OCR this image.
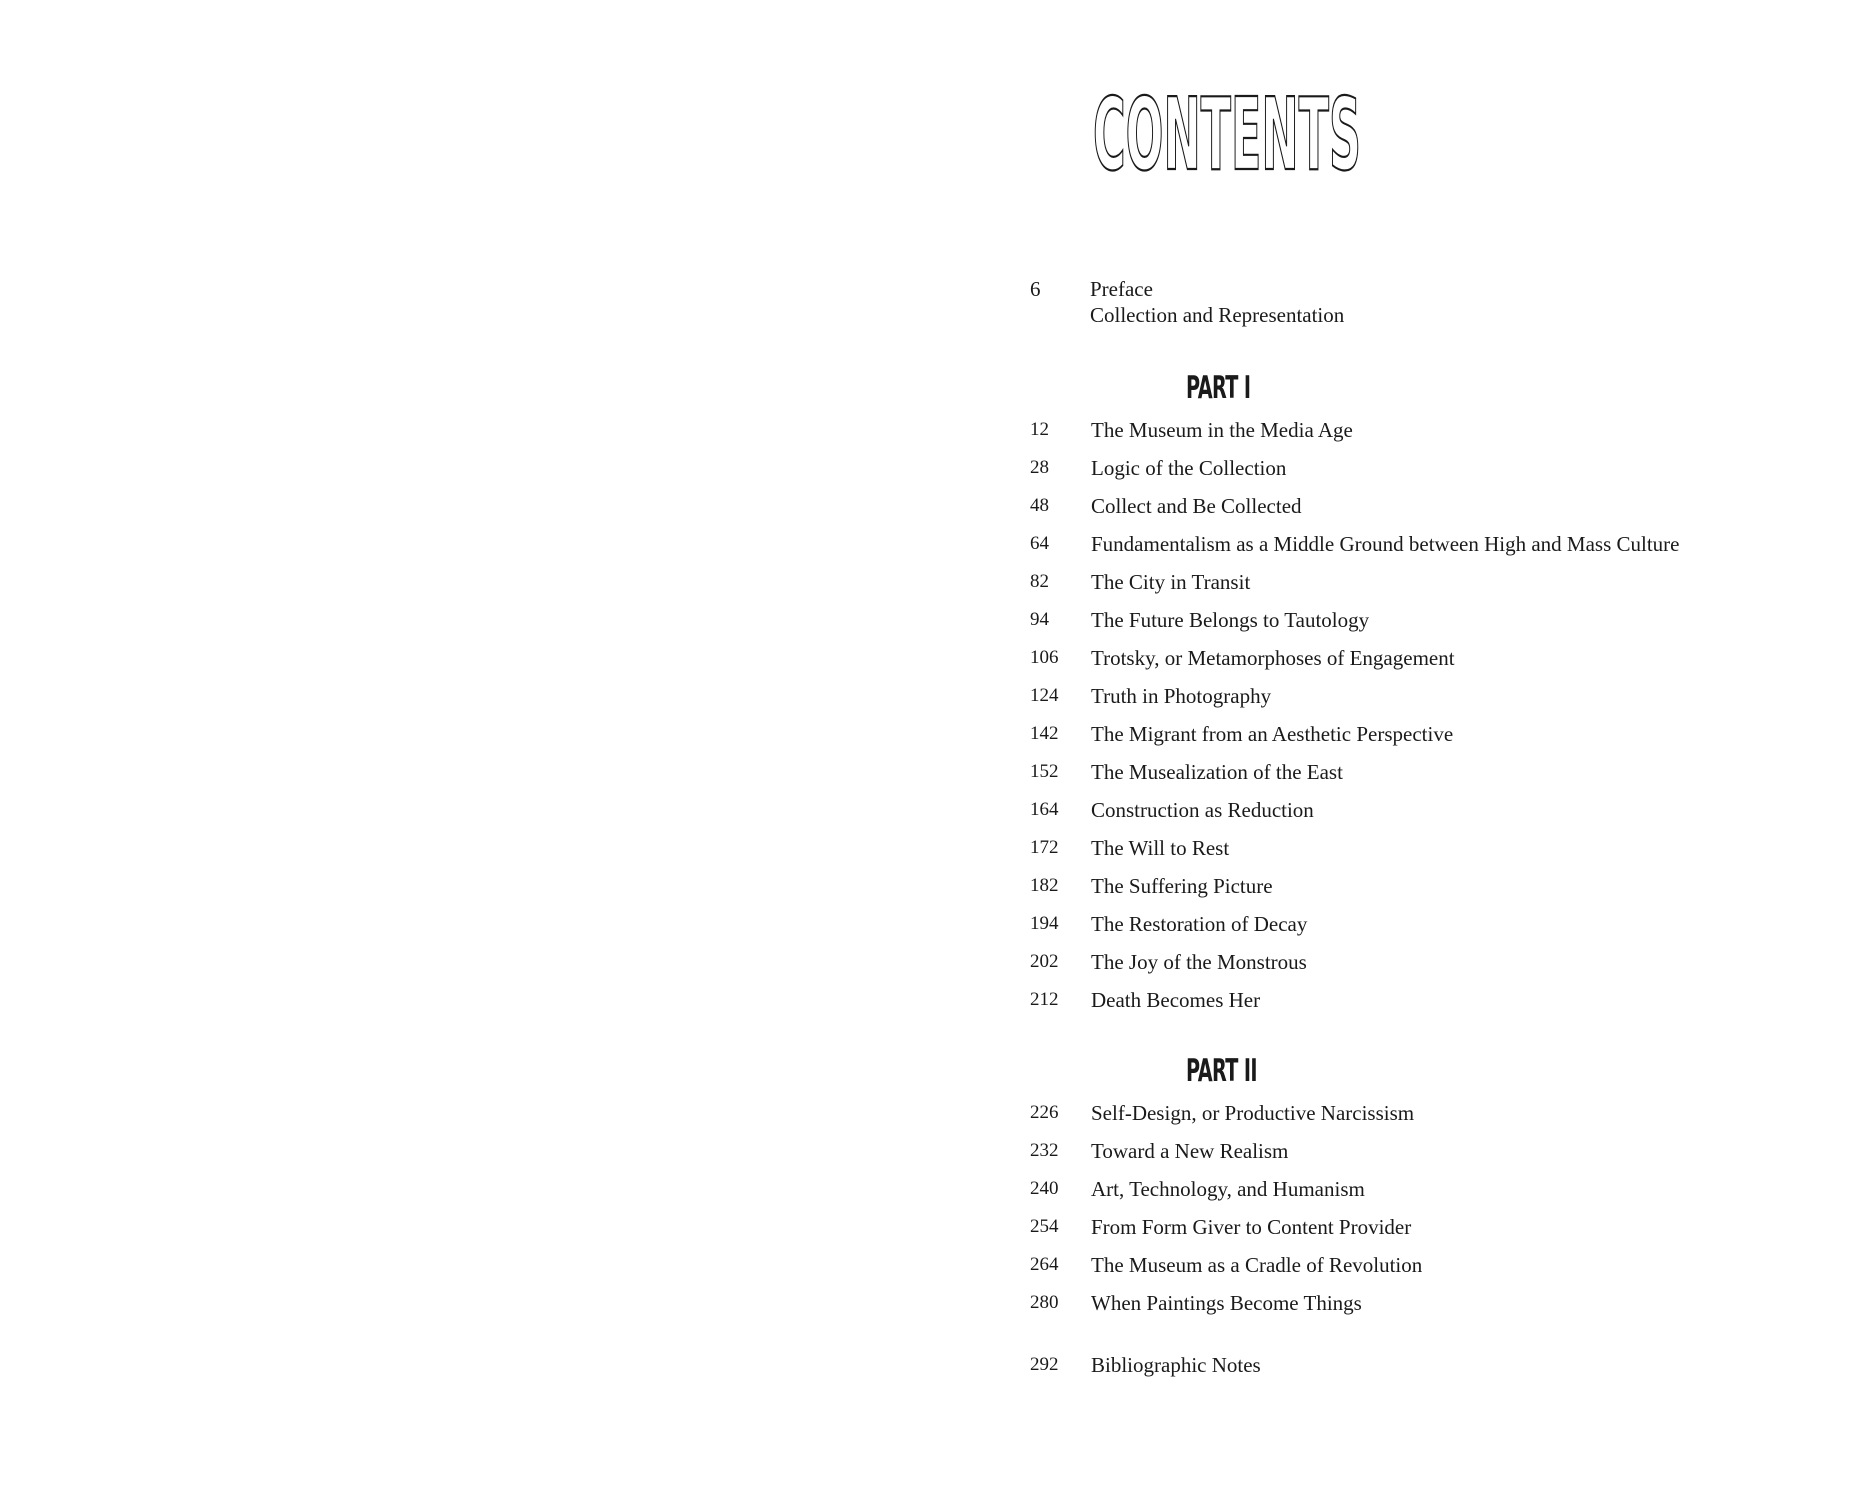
CONTENTS
6	Preface
Collection and Representation
PART I
12	The Museum in the Media Age
28	Logic of the Collection
48	Collect and Be Collected
64	Fundamentalism as a Middle Ground between High and Mass Culture
82	The City in Transit
94	The Future Belongs to Tautology
106	Trotsky, or Metamorphoses of Engagement
124	Truth in Photography
142	The Migrant from an Aesthetic Perspective
152	The Musealization of the East
164	Construction as Reduction
172	The Will to Rest
182	The Suffering Picture
194	The Restoration of Decay
202	The Joy of the Monstrous
212	Death Becomes Her
PART II
226	Self-Design, or Productive Narcissism
232	Toward a New Realism
240	Art, Technology, and Humanism
254	From Form Giver to Content Provider
264	The Museum as a Cradle of Revolution
280	When Paintings Become Things
292 Bibliographic Notes
